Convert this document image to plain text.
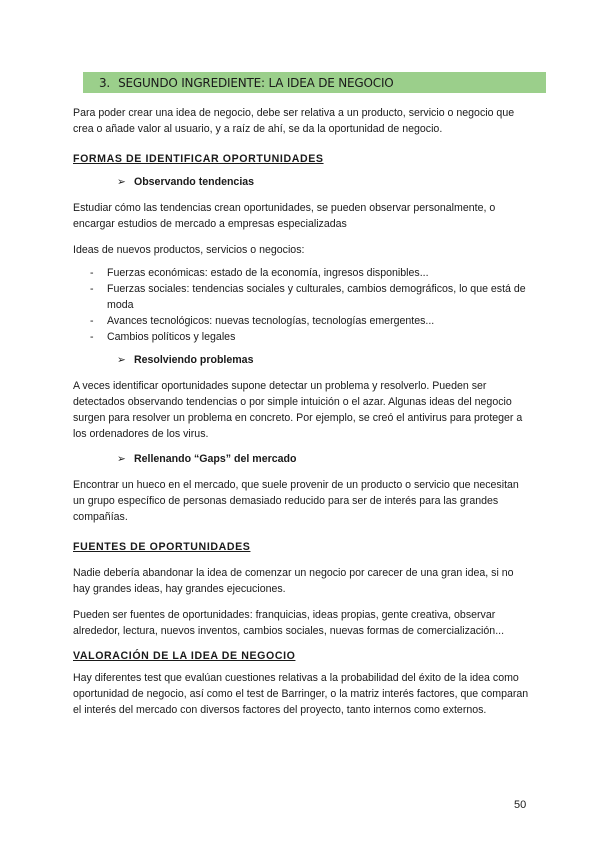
3. SEGUNDO INGREDIENTE: LA IDEA DE NEGOCIO

Para poder crear una idea de negocio, debe ser relativa a un producto, servicio o negocio que crea o añade valor al usuario, y a raíz de ahí, se da la oportunidad de negocio.

FORMAS DE IDENTIFICAR OPORTUNIDADES

➢ Observando tendencias

Estudiar cómo las tendencias crean oportunidades, se pueden observar personalmente, o encargar estudios de mercado a empresas especializadas

Ideas de nuevos productos, servicios o negocios:

- Fuerzas económicas: estado de la economía, ingresos disponibles...
- Fuerzas sociales: tendencias sociales y culturales, cambios demográficos, lo que está de moda
- Avances tecnológicos: nuevas tecnologías, tecnologías emergentes...
- Cambios políticos y legales

➢ Resolviendo problemas

A veces identificar oportunidades supone detectar un problema y resolverlo. Pueden ser detectados observando tendencias o por simple intuición o el azar. Algunas ideas del negocio surgen para resolver un problema en concreto. Por ejemplo, se creó el antivirus para proteger a los ordenadores de los virus.

➢ Rellenando “Gaps” del mercado

Encontrar un hueco en el mercado, que suele provenir de un producto o servicio que necesitan un grupo específico de personas demasiado reducido para ser de interés para las grandes compañías.

FUENTES DE OPORTUNIDADES

Nadie debería abandonar la idea de comenzar un negocio por carecer de una gran idea, si no hay grandes ideas, hay grandes ejecuciones.

Pueden ser fuentes de oportunidades: franquicias, ideas propias, gente creativa, observar alrededor, lectura, nuevos inventos, cambios sociales, nuevas formas de comercialización...

VALORACIÓN DE LA IDEA DE NEGOCIO

Hay diferentes test que evalúan cuestiones relativas a la probabilidad del éxito de la idea como oportunidad de negocio, así como el test de Barringer, o la matriz interés factores, que comparan el interés del mercado con diversos factores del proyecto, tanto internos como externos.

50
